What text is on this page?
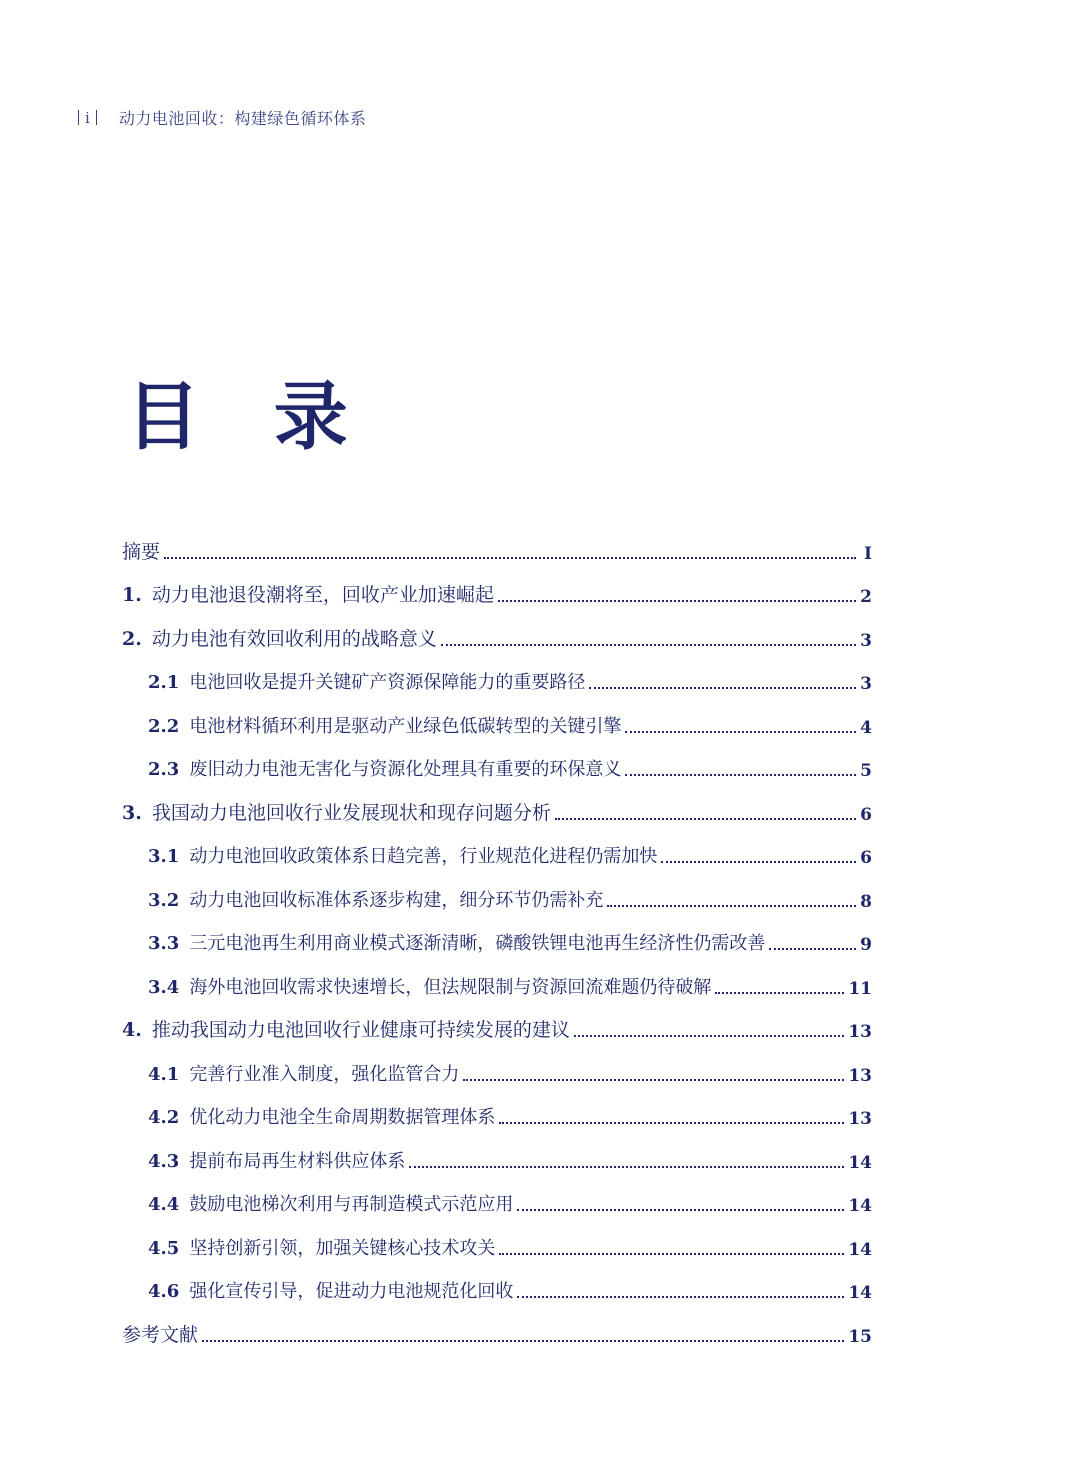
i 动力电池回收：构建绿色循环体系
目 录
摘要	I
1. 动力电池退役潮将至，回收产业加速崛起	2
2. 动力电池有效回收利用的战略意义	3
2.1 电池回收是提升关键矿产资源保障能力的重要路径	3
2.2 电池材料循环利用是驱动产业绿色低碳转型的关键引擎	4
2.3 废旧动力电池无害化与资源化处理具有重要的环保意义	5
3. 我国动力电池回收行业发展现状和现存问题分析	6
3.1 动力电池回收政策体系日趋完善，行业规范化进程仍需加快	6
3.2 动力电池回收标准体系逐步构建，细分环节仍需补充	8
3.3 三元电池再生利用商业模式逐渐清晰，磷酸铁锂电池再生经济性仍需改善	9
3.4 海外电池回收需求快速增长，但法规限制与资源回流难题仍待破解	11
4. 推动我国动力电池回收行业健康可持续发展的建议	13
4.1 完善行业准入制度，强化监管合力	13
4.2 优化动力电池全生命周期数据管理体系	13
4.3 提前布局再生材料供应体系	14
4.4 鼓励电池梯次利用与再制造模式示范应用	14
4.5 坚持创新引领，加强关键核心技术攻关	14
4.6 强化宣传引导，促进动力电池规范化回收	14
参考文献	15
